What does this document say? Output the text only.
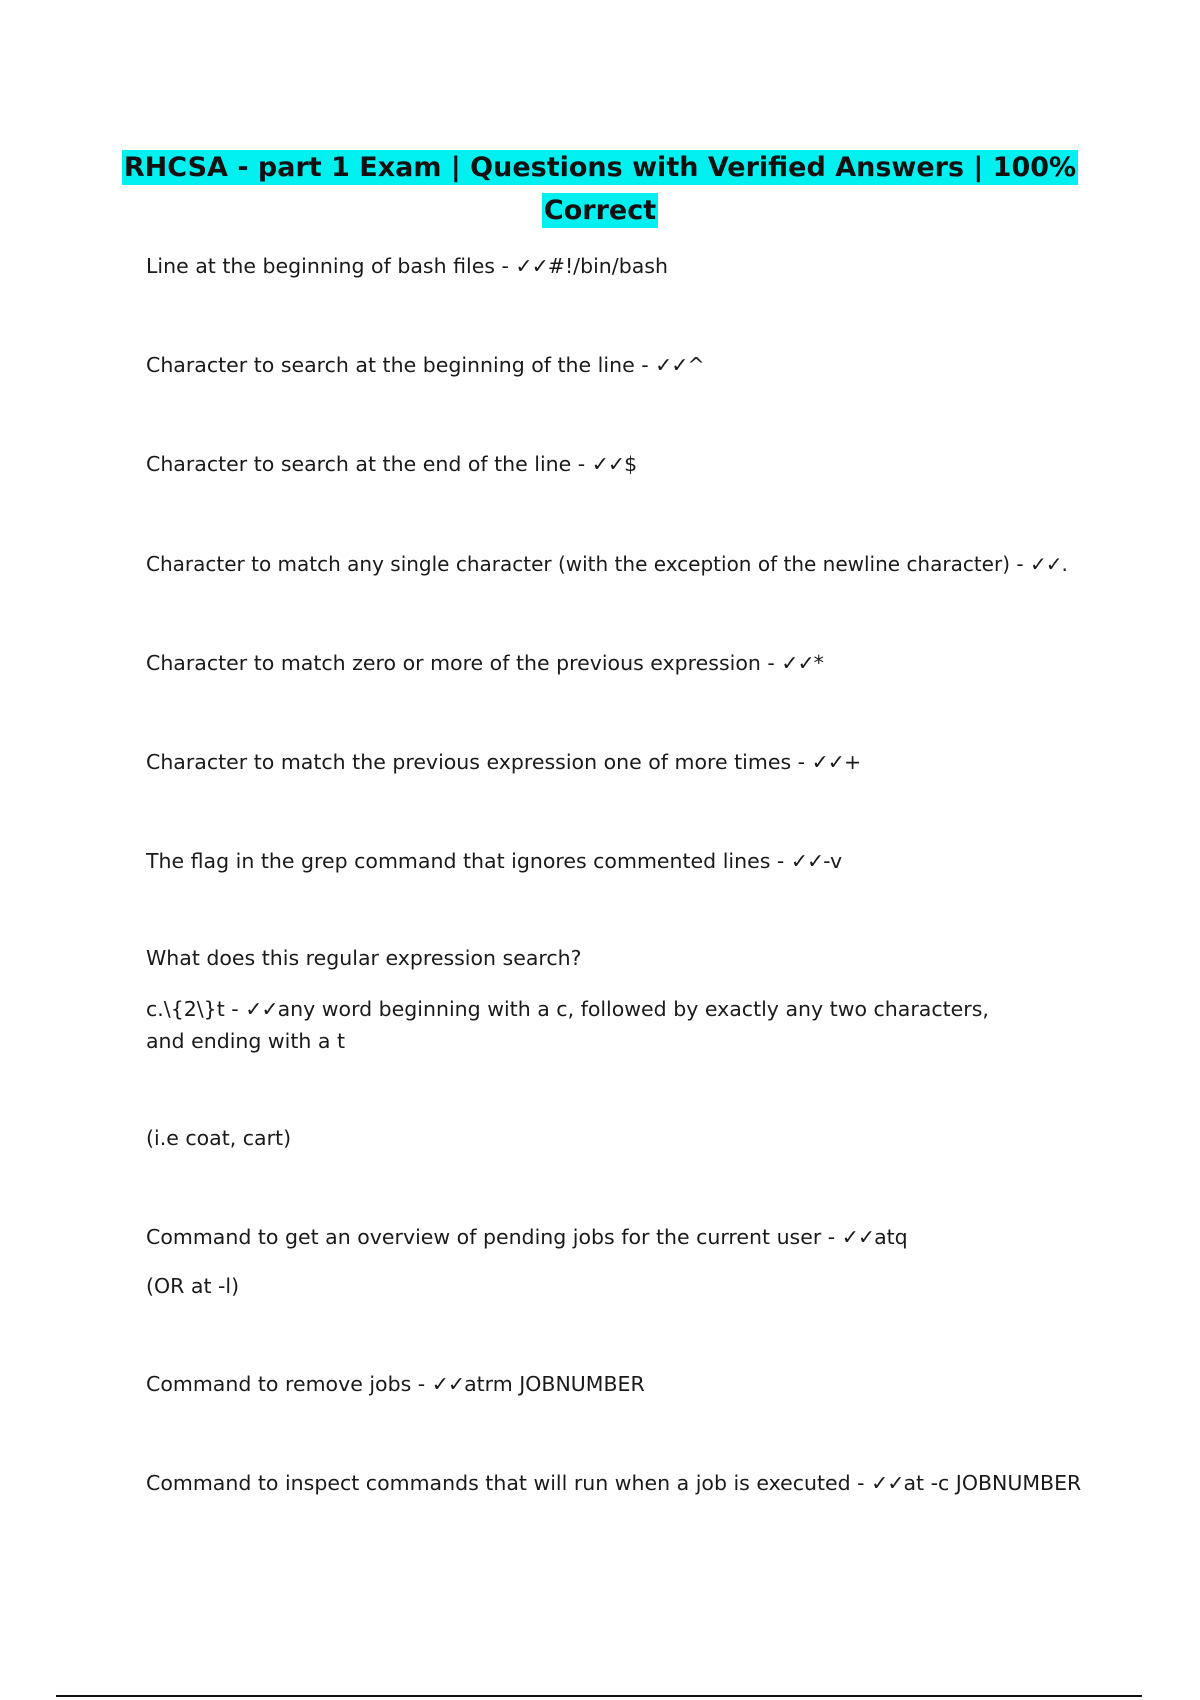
RHCSA - part 1 Exam | Questions with Verified Answers | 100%
Correct
Line at the beginning of bash files - ✓✓#!/bin/bash
Character to search at the beginning of the line - ✓✓^
Character to search at the end of the line - ✓✓$
Character to match any single character (with the exception of the newline character) - ✓✓.
Character to match zero or more of the previous expression - ✓✓*
Character to match the previous expression one of more times - ✓✓+
The flag in the grep command that ignores commented lines - ✓✓-v
What does this regular expression search?
c.\{2\}t - ✓✓any word beginning with a c, followed by exactly any two characters, and ending with a t
(i.e coat, cart)
Command to get an overview of pending jobs for the current user - ✓✓atq
(OR at -l)
Command to remove jobs - ✓✓atrm JOBNUMBER
Command to inspect commands that will run when a job is executed - ✓✓at -c JOBNUMBER
